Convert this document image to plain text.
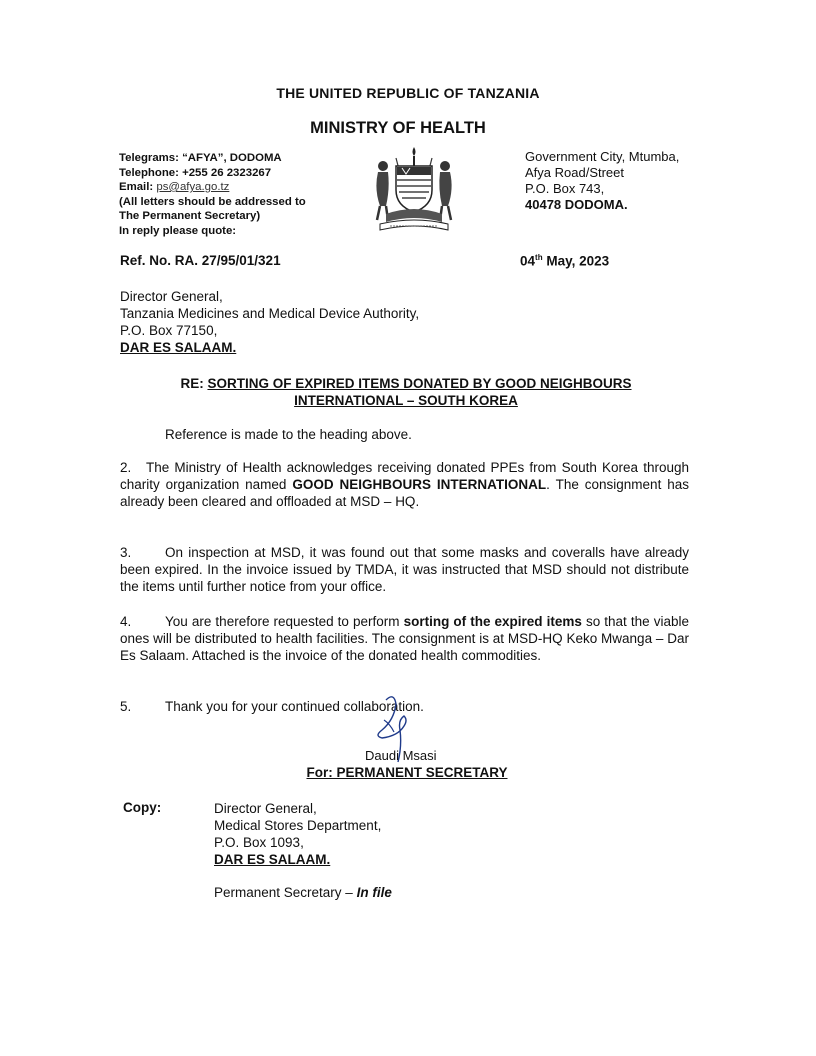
THE UNITED REPUBLIC OF TANZANIA
MINISTRY OF HEALTH
Telegrams: “AFYA”, DODOMA
Telephone: +255 26 2323267
Email: ps@afya.go.tz
(All letters should be addressed to
The Permanent Secretary)
In reply please quote:
Government City, Mtumba,
Afya Road/Street
P.O. Box 743,
40478 DODOMA.
Ref. No. RA. 27/95/01/321	04th May, 2023
Director General,
Tanzania Medicines and Medical Device Authority,
P.O. Box 77150,
DAR ES SALAAM.
RE: SORTING OF EXPIRED ITEMS DONATED BY GOOD NEIGHBOURS
INTERNATIONAL – SOUTH KOREA
Reference is made to the heading above.
2. The Ministry of Health acknowledges receiving donated PPEs from South Korea through charity organization named GOOD NEIGHBOURS INTERNATIONAL. The consignment has already been cleared and offloaded at MSD – HQ.
3. On inspection at MSD, it was found out that some masks and coveralls have already been expired. In the invoice issued by TMDA, it was instructed that MSD should not distribute the items until further notice from your office.
4. You are therefore requested to perform sorting of the expired items so that the viable ones will be distributed to health facilities. The consignment is at MSD-HQ Keko Mwanga – Dar Es Salaam. Attached is the invoice of the donated health commodities.
5. Thank you for your continued collaboration.
Daudi Msasi
For: PERMANENT SECRETARY
Copy:	Director General,
Medical Stores Department,
P.O. Box 1093,
DAR ES SALAAM.
Permanent Secretary – In file
